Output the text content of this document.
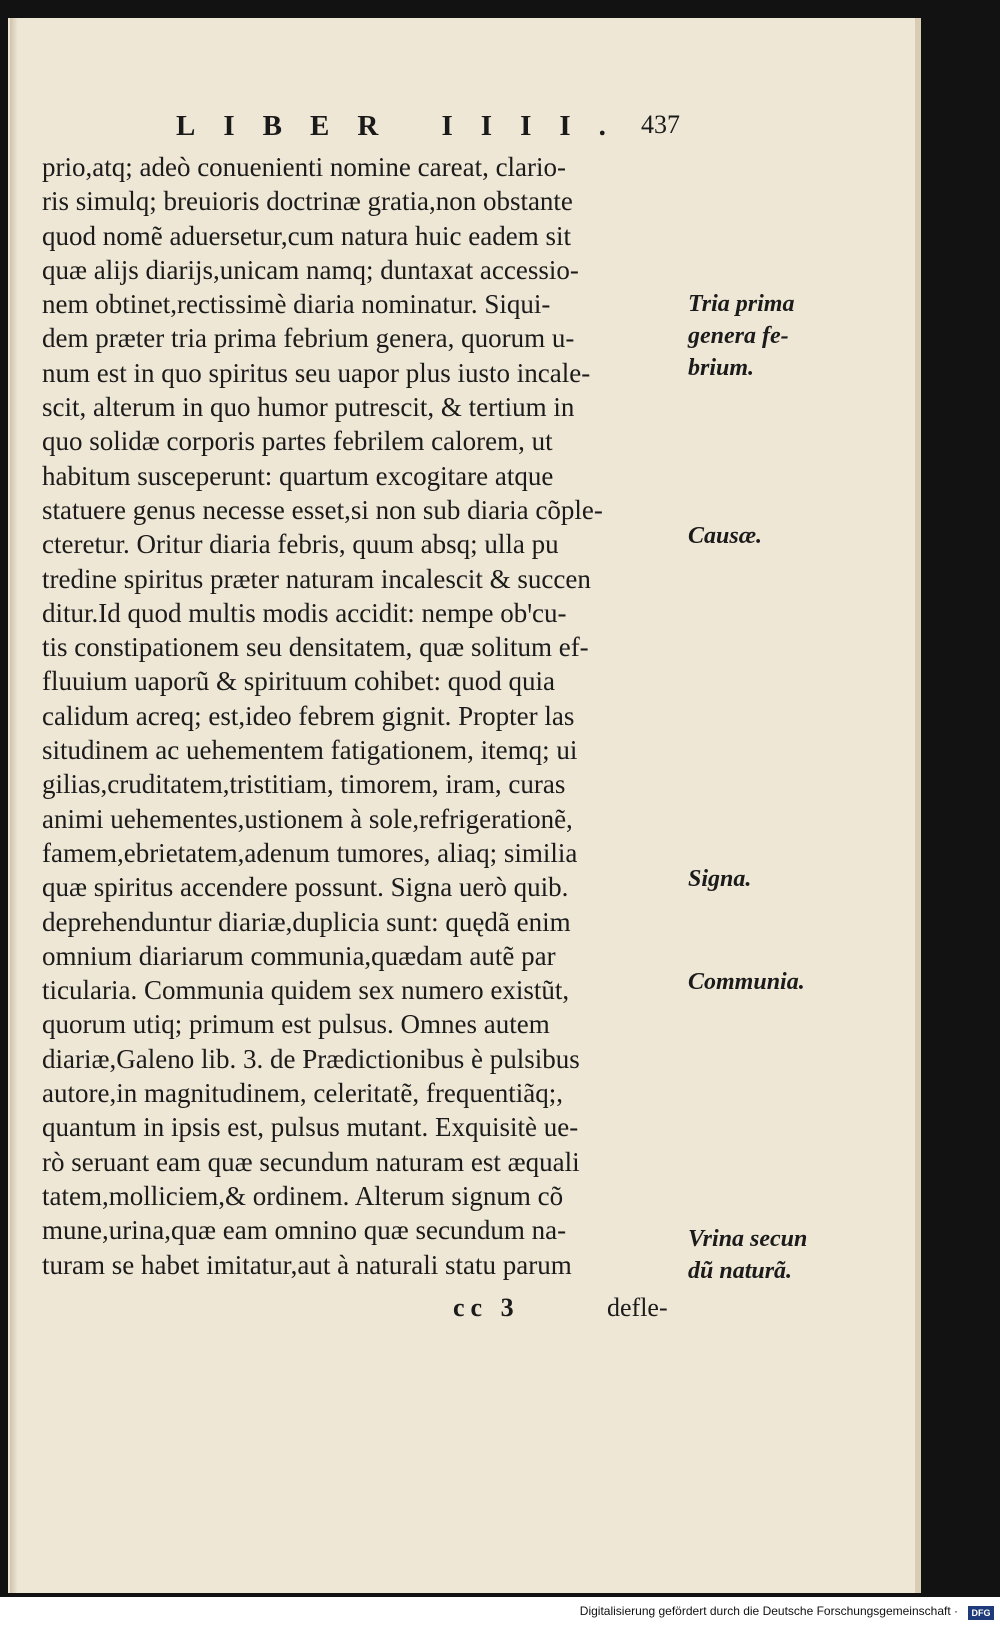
LIBER IIII. 437
prio,atq; adeò conuenienti nomine careat, clario-
ris simulq; breuioris doctrinæ gratia,non obstante
quod nomẽ aduersetur,cum natura huic eadem sit
quæ alijs diarijs,unicam namq; duntaxat accessio-
nem obtinet,rectissimè diaria nominatur. Siqui-
dem præter tria prima febrium genera, quorum u-
num est in quo spiritus seu uapor plus iusto incale-
scit, alterum in quo humor putrescit, & tertium in
quo solidæ corporis partes febrilem calorem, ut
habitum susceperunt: quartum excogitare atque
statuere genus necesse esset,si non sub diaria cõple-
cteretur. Oritur diaria febris, quum absq; ulla pu
tredine spiritus præter naturam incalescit & succen
ditur.Id quod multis modis accidit: nempe obꞌcu-
tis constipationem seu densitatem, quæ solitum ef-
fluuium uaporũ & spirituum cohibet: quod quia
calidum acreq; est,ideo febrem gignit. Propter las
situdinem ac uehementem fatigationem, itemq; ui
gilias,cruditatem,tristitiam, timorem, iram, curas
animi uehementes,ustionem à sole,refrigerationẽ,
famem,ebrietatem,adenum tumores, aliaq; similia
quæ spiritus accendere possunt. Signa uerò quib.
deprehenduntur diariæ,duplicia sunt: quędã enim
omnium diariarum communia,quædam autẽ par
ticularia. Communia quidem sex numero existũt,
quorum utiq; primum est pulsus. Omnes autem
diariæ,Galeno lib. 3. de Prædictionibus è pulsibus
autore,in magnitudinem, celeritatẽ, frequentiãq;,
quantum in ipsis est, pulsus mutant. Exquisitè ue-
rò seruant eam quæ secundum naturam est æquali
tatem,molliciem,& ordinem. Alterum signum cõ
mune,urina,quæ eam omnino quæ secundum na-
turam se habet imitatur,aut à naturali statu parum
Tria prima
genera fe-
brium.
Causæ.
Signa.
Communia.
Vrina secun
dũ naturã.
cc 3	defle-
Digitalisierung gefördert durch die Deutsche Forschungsgemeinschaft ·	DFG
